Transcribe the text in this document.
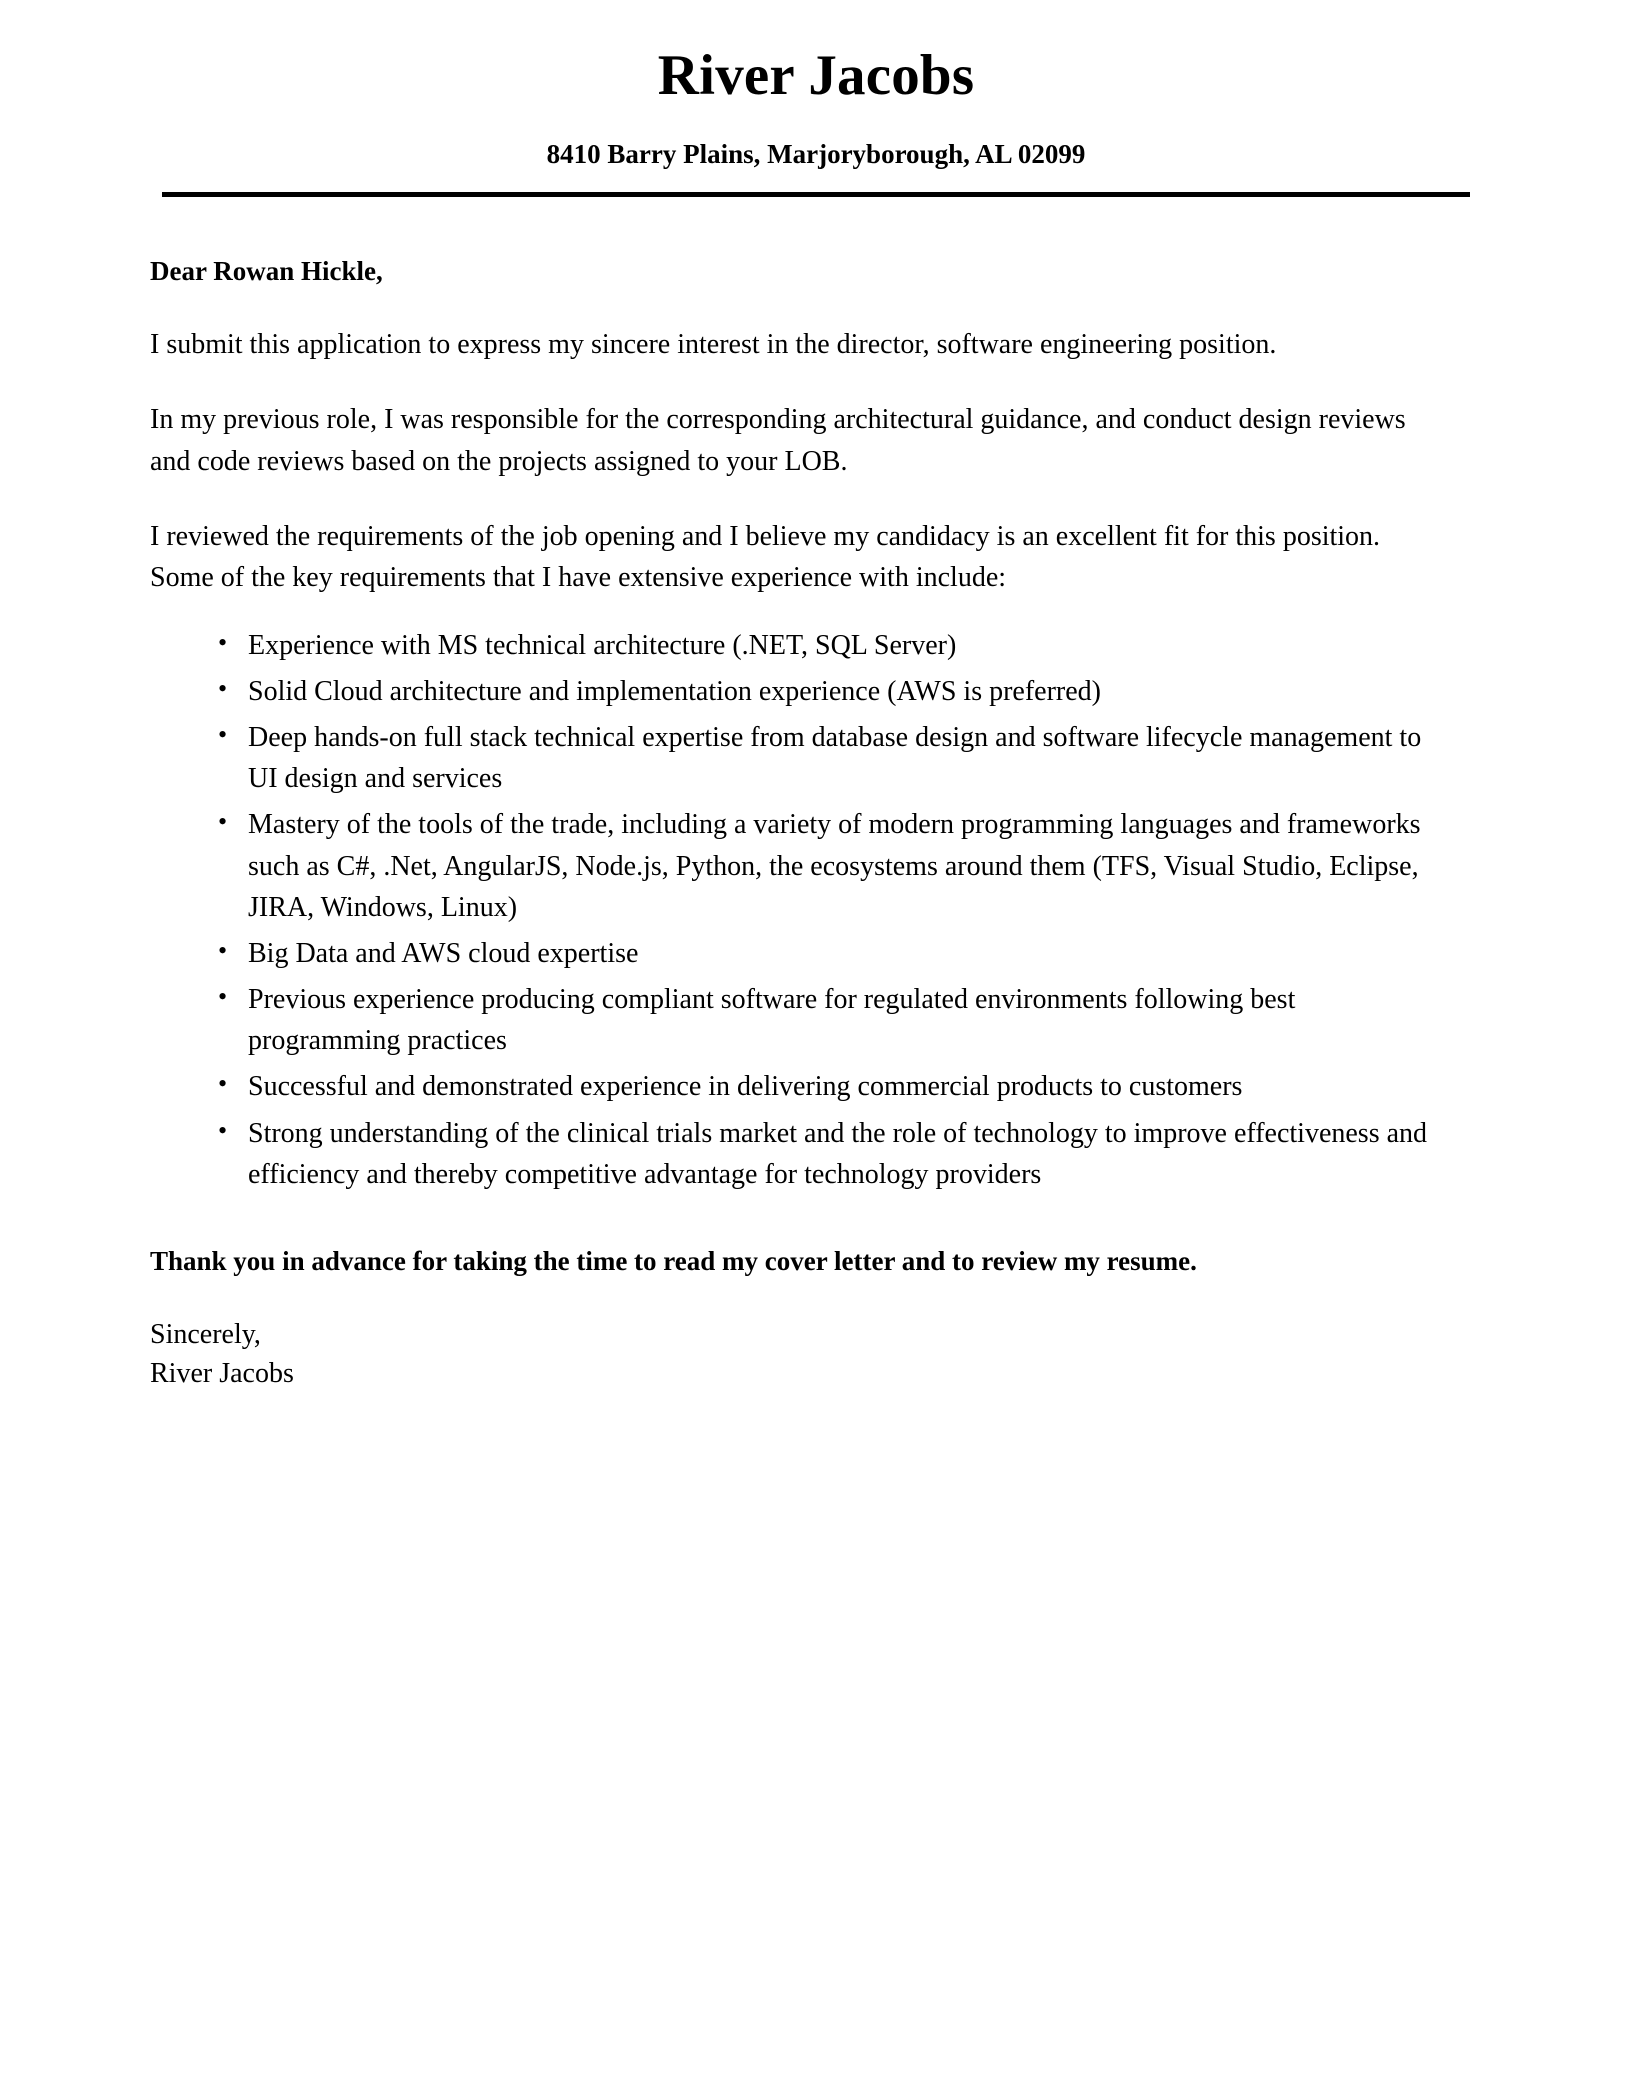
River Jacobs
8410 Barry Plains, Marjoryborough, AL 02099

Dear Rowan Hickle,

I submit this application to express my sincere interest in the director, software engineering position.

In my previous role, I was responsible for the corresponding architectural guidance, and conduct design reviews and code reviews based on the projects assigned to your LOB.

I reviewed the requirements of the job opening and I believe my candidacy is an excellent fit for this position. Some of the key requirements that I have extensive experience with include:

• Experience with MS technical architecture (.NET, SQL Server)
• Solid Cloud architecture and implementation experience (AWS is preferred)
• Deep hands-on full stack technical expertise from database design and software lifecycle management to UI design and services
• Mastery of the tools of the trade, including a variety of modern programming languages and frameworks such as C#, .Net, AngularJS, Node.js, Python, the ecosystems around them (TFS, Visual Studio, Eclipse, JIRA, Windows, Linux)
• Big Data and AWS cloud expertise
• Previous experience producing compliant software for regulated environments following best programming practices
• Successful and demonstrated experience in delivering commercial products to customers
• Strong understanding of the clinical trials market and the role of technology to improve effectiveness and efficiency and thereby competitive advantage for technology providers

Thank you in advance for taking the time to read my cover letter and to review my resume.

Sincerely,
River Jacobs
